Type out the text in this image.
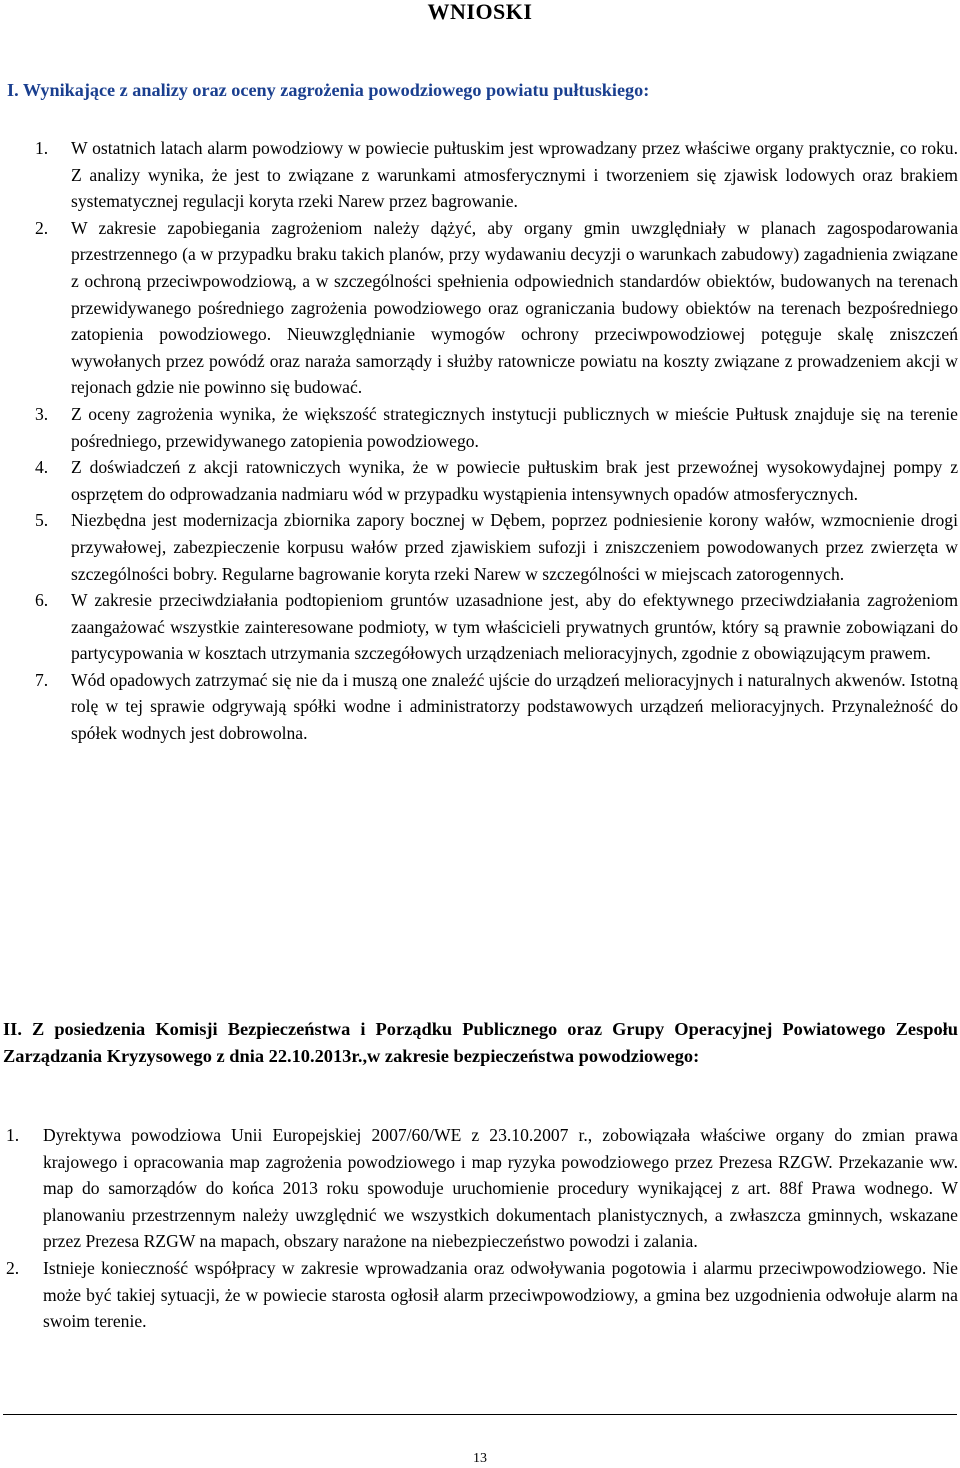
WNIOSKI
I. Wynikające z analizy oraz oceny zagrożenia powodziowego powiatu pułtuskiego:
1. W ostatnich latach alarm powodziowy w powiecie pułtuskim jest wprowadzany przez właściwe organy praktycznie, co roku. Z analizy wynika, że jest to związane z warunkami atmosferycznymi i tworzeniem się zjawisk lodowych oraz brakiem systematycznej regulacji koryta rzeki Narew przez bagrowanie.
2. W zakresie zapobiegania zagrożeniom należy dążyć, aby organy gmin uwzględniały w planach zagospodarowania przestrzennego (a w przypadku braku takich planów, przy wydawaniu decyzji o warunkach zabudowy) zagadnienia związane z ochroną przeciwpowodziową, a w szczególności spełnienia odpowiednich standardów obiektów, budowanych na terenach przewidywanego pośredniego zagrożenia powodziowego oraz ograniczania budowy obiektów na terenach bezpośredniego zatopienia powodziowego. Nieuwzględnianie wymogów ochrony przeciwpowodziowej potęguje skalę zniszczeń wywołanych przez powódź oraz naraża samorządy i służby ratownicze powiatu na koszty związane z prowadzeniem akcji w rejonach gdzie nie powinno się budować.
3. Z oceny zagrożenia wynika, że większość strategicznych instytucji publicznych w mieście Pułtusk znajduje się na terenie pośredniego, przewidywanego zatopienia powodziowego.
4. Z doświadczeń z akcji ratowniczych wynika, że w powiecie pułtuskim brak jest przewoźnej wysokowydajnej pompy z osprzętem do odprowadzania nadmiaru wód w przypadku wystąpienia intensywnych opadów atmosferycznych.
5. Niezbędna jest modernizacja zbiornika zapory bocznej w Dębem, poprzez podniesienie korony wałów, wzmocnienie drogi przywałowej, zabezpieczenie korpusu wałów przed zjawiskiem sufozji i zniszczeniem powodowanych przez zwierzęta w szczególności bobry. Regularne bagrowanie koryta rzeki Narew w szczególności w miejscach zatorogennych.
6. W zakresie przeciwdziałania podtopieniom gruntów uzasadnione jest, aby do efektywnego przeciwdziałania zagrożeniom zaangażować wszystkie zainteresowane podmioty, w tym właścicieli prywatnych gruntów, który są prawnie zobowiązani do partycypowania w kosztach utrzymania szczegółowych urządzeniach melioracyjnych, zgodnie z obowiązującym prawem.
7. Wód opadowych zatrzymać się nie da i muszą one znaleźć ujście do urządzeń melioracyjnych i naturalnych akwenów. Istotną rolę w tej sprawie odgrywają spółki wodne i administratorzy podstawowych urządzeń melioracyjnych. Przynależność do spółek wodnych jest dobrowolna.
II. Z posiedzenia Komisji Bezpieczeństwa i Porządku Publicznego oraz Grupy Operacyjnej Powiatowego Zespołu Zarządzania Kryzysowego z dnia 22.10.2013r.,w zakresie bezpieczeństwa powodziowego:
1. Dyrektywa powodziowa Unii Europejskiej 2007/60/WE z 23.10.2007 r., zobowiązała właściwe organy do zmian prawa krajowego i opracowania map zagrożenia powodziowego i map ryzyka powodziowego przez Prezesa RZGW. Przekazanie ww. map do samorządów do końca 2013 roku spowoduje uruchomienie procedury wynikającej z art. 88f Prawa wodnego. W planowaniu przestrzennym należy uwzględnić we wszystkich dokumentach planistycznych, a zwłaszcza gminnych, wskazane przez Prezesa RZGW na mapach, obszary narażone na niebezpieczeństwo powodzi i zalania.
2. Istnieje konieczność współpracy w zakresie wprowadzania oraz odwoływania pogotowia i alarmu przeciwpowodziowego. Nie może być takiej sytuacji, że w powiecie starosta ogłosił alarm przeciwpowodziowy, a gmina bez uzgodnienia odwołuje alarm na swoim terenie.
13
